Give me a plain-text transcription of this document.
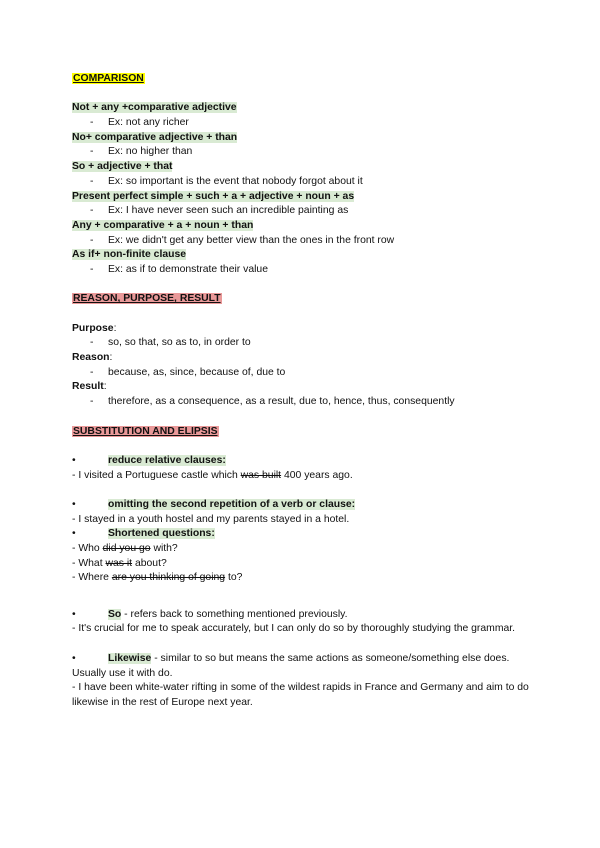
COMPARISON
Not + any +comparative adjective
- Ex: not any richer
No+ comparative adjective + than
- Ex: no higher than
So + adjective + that
- Ex: so important is the event that nobody forgot about it
Present perfect simple + such + a + adjective + noun + as
- Ex: I have never seen such an incredible painting as
Any + comparative + a + noun + than
- Ex: we didn't get any better view than the ones in the front row
As if+ non-finite clause
- Ex: as if to demonstrate their value
REASON, PURPOSE, RESULT
Purpose:
- so, so that, so as to, in order to
Reason:
- because, as, since, because of, due to
Result:
- therefore, as a consequence, as a result, due to, hence, thus, consequently
SUBSTITUTION AND ELIPSIS
•	reduce relative clauses:
- I visited a Portuguese castle which was built 400 years ago.
•	omitting the second repetition of a verb or clause:
- I stayed in a youth hostel and my parents stayed in a hotel.
•	Shortened questions:
- Who did you go with?
- What was it about?
- Where are you thinking of going to?
•	So - refers back to something mentioned previously.
- It's crucial for me to speak accurately, but I can only do so by thoroughly studying the grammar.
•	Likewise - similar to so but means the same actions as someone/something else does. Usually use it with do.
- I have been white-water rifting in some of the wildest rapids in France and Germany and aim to do likewise in the rest of Europe next year.
